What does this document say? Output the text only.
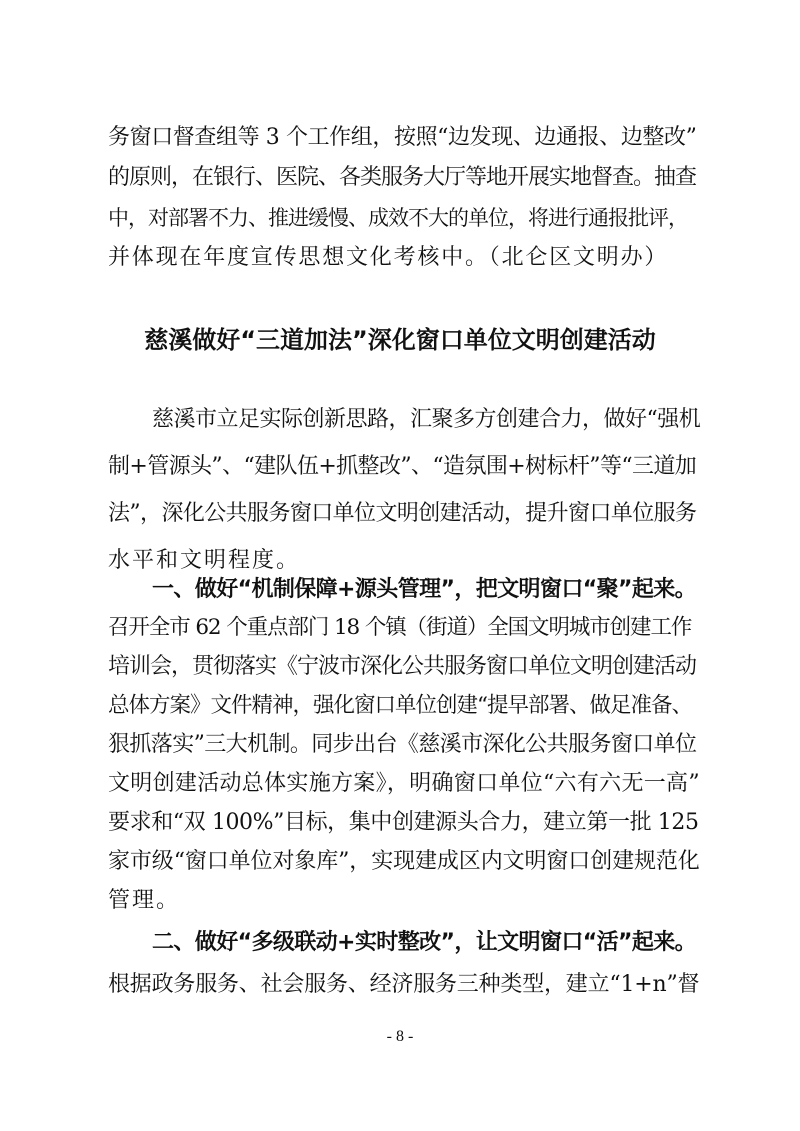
务窗口督查组等 3 个工作组，按照“边发现、边通报、边整改”
的原则，在银行、医院、各类服务大厅等地开展实地督查。抽查
中，对部署不力、推进缓慢、成效不大的单位，将进行通报批评，
并体现在年度宣传思想文化考核中。（北仑区文明办）
慈溪做好“三道加法”深化窗口单位文明创建活动
慈溪市立足实际创新思路，汇聚多方创建合力，做好“强机
制+管源头”、“建队伍+抓整改”、“造氛围+树标杆”等“三道加
法”，深化公共服务窗口单位文明创建活动，提升窗口单位服务
水平和文明程度。
一、做好“机制保障+源头管理”，把文明窗口“聚”起来。
召开全市 62 个重点部门 18 个镇（街道）全国文明城市创建工作
培训会，贯彻落实《宁波市深化公共服务窗口单位文明创建活动
总体方案》文件精神，强化窗口单位创建“提早部署、做足准备、
狠抓落实”三大机制。同步出台《慈溪市深化公共服务窗口单位
文明创建活动总体实施方案》，明确窗口单位“六有六无一高”
要求和“双 100%”目标，集中创建源头合力，建立第一批 125
家市级“窗口单位对象库”，实现建成区内文明窗口创建规范化
管理。
二、做好“多级联动+实时整改”，让文明窗口“活”起来。
根据政务服务、社会服务、经济服务三种类型，建立“1+n”督
- 8 -
